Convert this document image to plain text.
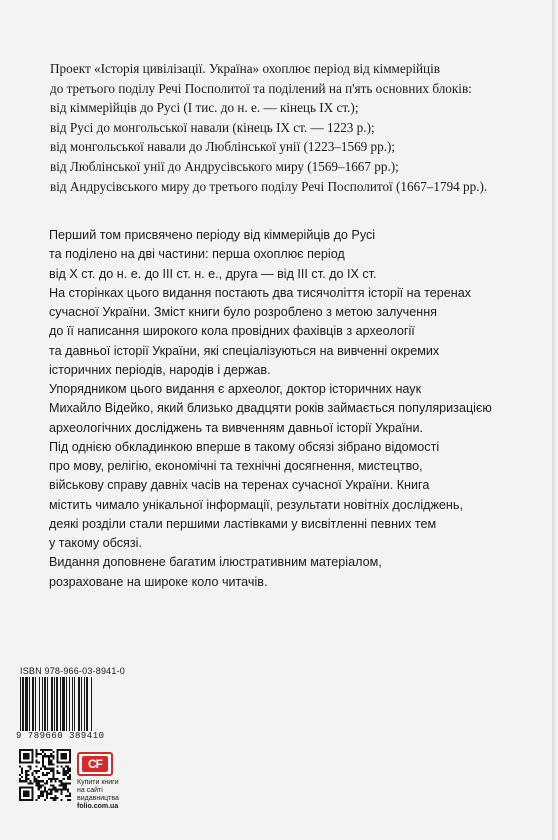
Проект «Історія цивілізації. Україна» охоплює період від кіммерійців
до третього поділу Речі Посполитої та поділений на п'ять основних блоків:
від кіммерійців до Русі (І тис. до н. е. — кінець IX ст.);
від Русі до монгольської навали (кінець IX ст. — 1223 р.);
від монгольської навали до Люблінської унії (1223–1569 рр.);
від Люблінської унії до Андрусівського миру (1569–1667 рр.);
від Андрусівського миру до третього поділу Речі Посполитої (1667–1794 рр.).
Перший том присвячено періоду від кіммерійців до Русі
та поділено на дві частини: перша охоплює період
від X ст. до н. е. до III ст. н. е., друга — від III ст. до IX ст.
На сторінках цього видання постають два тисячоліття історії на теренах
сучасної України. Зміст книги було розроблено з метою залучення
до її написання широкого кола провідних фахівців з археології
та давньої історії України, які спеціалізуються на вивченні окремих
історичних періодів, народів і держав.
Упорядником цього видання є археолог, доктор історичних наук
Михайло Відейко, який близько двадцяти років займається популяризацією
археологічних досліджень та вивченням давньої історії України.
Під однією обкладинкою вперше в такому обсязі зібрано відомості
про мову, релігію, економічні та технічні досягнення, мистецтво,
військову справу давніх часів на теренах сучасної України. Книга
містить чимало унікальної інформації, результати новітніх досліджень,
деякі розділи стали першими ластівками у висвітленні певних тем
у такому обсязі.
Видання доповнене багатим ілюстративним матеріалом,
розраховане на широке коло читачів.
ISBN 978-966-03-8941-0
9 789660 389410
CF
Купити книги
на сайті
видавництва
folio.com.ua
